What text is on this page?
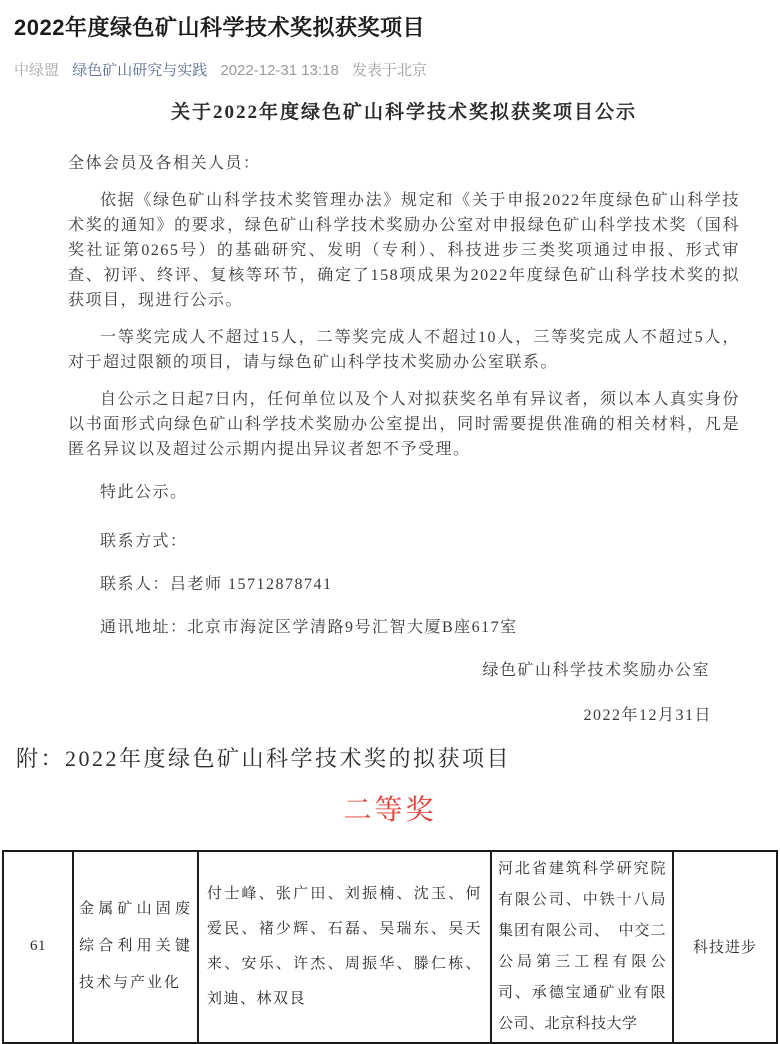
2022年度绿色矿山科学技术奖拟获奖项目
中绿盟 绿色矿山研究与实践 2022-12-31 13:18 发表于北京
关于2022年度绿色矿山科学技术奖拟获奖项目公示

全体会员及各相关人员：

依据《绿色矿山科学技术奖管理办法》规定和《关于申报2022年度绿色矿山科学技术奖的通知》的要求，绿色矿山科学技术奖励办公室对申报绿色矿山科学技术奖（国科奖社证第0265号）的基础研究、发明（专利）、科技进步三类奖项通过申报、形式审查、初评、终评、复核等环节，确定了158项成果为2022年度绿色矿山科学技术奖的拟获项目，现进行公示。

一等奖完成人不超过15人，二等奖完成人不超过10人，三等奖完成人不超过5人，对于超过限额的项目，请与绿色矿山科学技术奖励办公室联系。

自公示之日起7日内，任何单位以及个人对拟获奖名单有异议者，须以本人真实身份以书面形式向绿色矿山科学技术奖励办公室提出，同时需要提供准确的相关材料，凡是匿名异议以及超过公示期内提出异议者恕不予受理。

特此公示。

联系方式：

联系人：吕老师 15712878741

通讯地址：北京市海淀区学清路9号汇智大厦B座617室

绿色矿山科学技术奖励办公室

2022年12月31日

附：2022年度绿色矿山科学技术奖的拟获项目
二等奖
61	金属矿山固废综合利用关键技术与产业化	付士峰、张广田、刘振楠、沈玉、何爱民、褚少辉、石磊、吴瑞东、吴天来、安乐、许杰、周振华、滕仁栋、刘迪、林双艮	河北省建筑科学研究院有限公司、中铁十八局集团有限公司、　中交二公局第三工程有限公司、承德宝通矿业有限公司、北京科技大学	科技进步
